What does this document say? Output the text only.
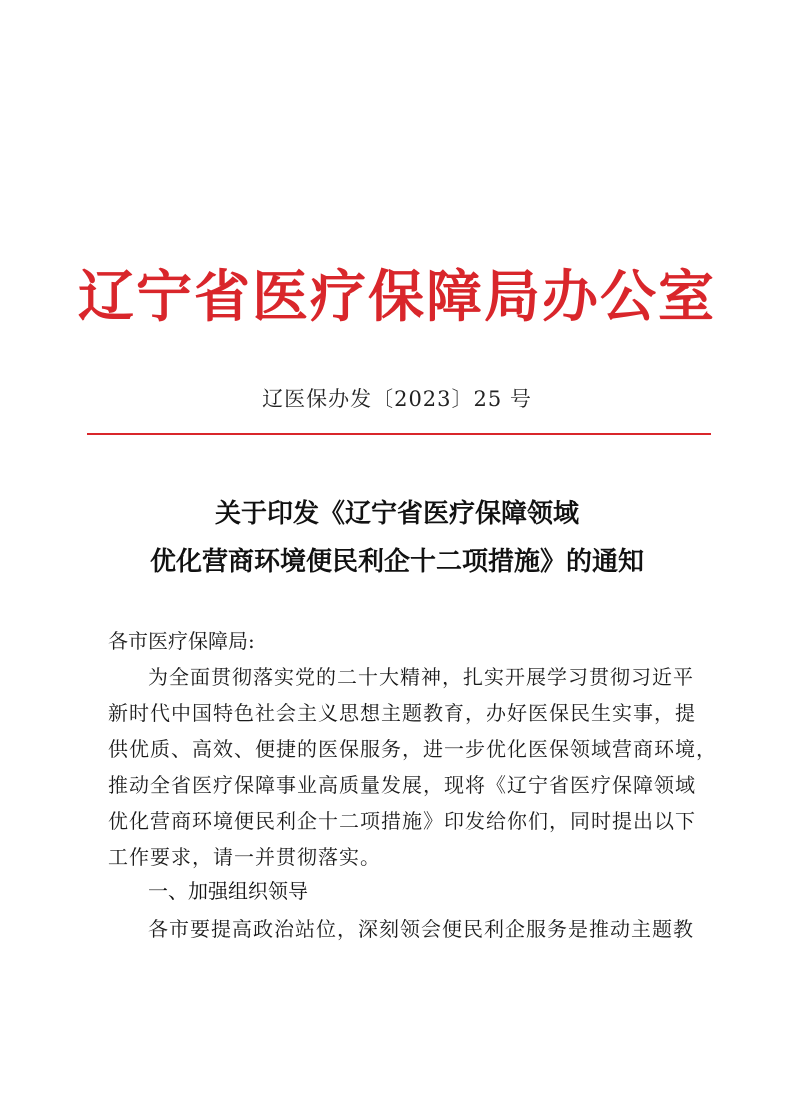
辽宁省医疗保障局办公室
辽医保办发〔2023〕25 号
关于印发《辽宁省医疗保障领域
优化营商环境便民利企十二项措施》的通知
各市医疗保障局:
为全面贯彻落实党的二十大精神，扎实开展学习贯彻习近平
新时代中国特色社会主义思想主题教育，办好医保民生实事，提
供优质、高效、便捷的医保服务，进一步优化医保领域营商环境，
推动全省医疗保障事业高质量发展，现将《辽宁省医疗保障领域
优化营商环境便民利企十二项措施》印发给你们，同时提出以下
工作要求，请一并贯彻落实。
一、加强组织领导
各市要提高政治站位，深刻领会便民利企服务是推动主题教
